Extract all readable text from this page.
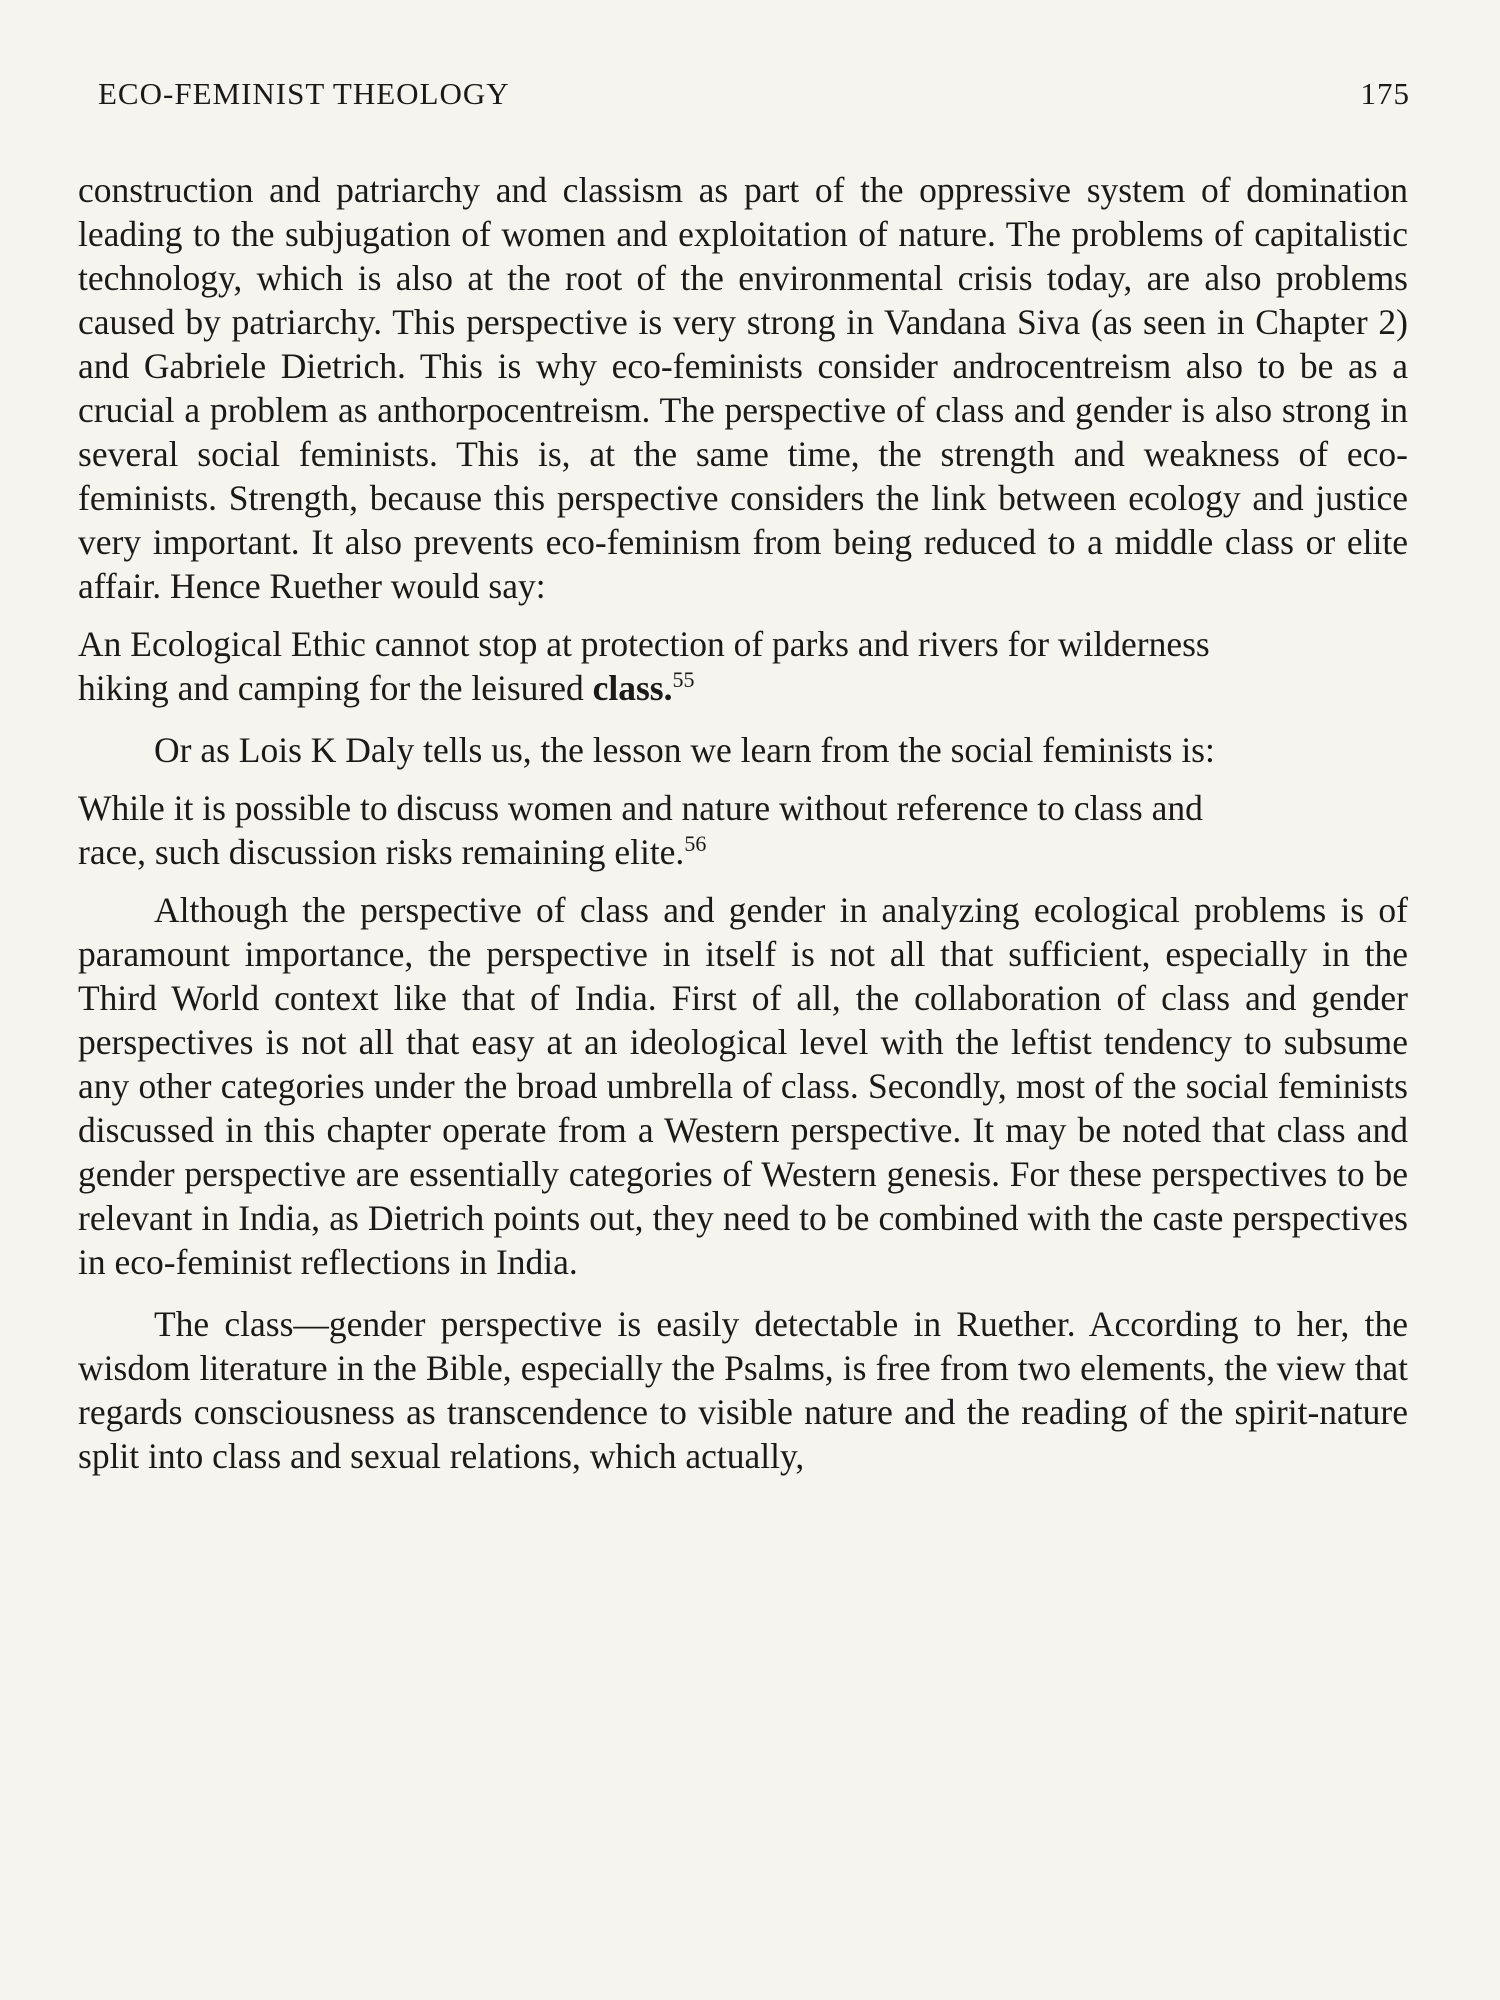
ECO-FEMINIST THEOLOGY	175

construction and patriarchy and classism as part of the oppressive system of domination leading to the subjugation of women and exploitation of nature. The problems of capitalistic technology, which is also at the root of the environmental crisis today, are also problems caused by patriarchy. This perspective is very strong in Vandana Siva (as seen in Chapter 2) and Gabriele Dietrich. This is why eco-feminists consider androcentreism also to be as a crucial a problem as anthorpocentreism. The perspective of class and gender is also strong in several social feminists. This is, at the same time, the strength and weakness of eco-feminists. Strength, because this perspective considers the link between ecology and justice very important. It also prevents eco-feminism from being reduced to a middle class or elite affair. Hence Ruether would say:

An Ecological Ethic cannot stop at protection of parks and rivers for wilderness hiking and camping for the leisured class.$^{55}$

Or as Lois K Daly tells us, the lesson we learn from the social feminists is:

While it is possible to discuss women and nature without reference to class and race, such discussion risks remaining elite.$^{56}$

Although the perspective of class and gender in analyzing ecological problems is of paramount importance, the perspective in itself is not all that sufficient, especially in the Third World context like that of India. First of all, the collaboration of class and gender perspectives is not all that easy at an ideological level with the leftist tendency to subsume any other categories under the broad umbrella of class. Secondly, most of the social feminists discussed in this chapter operate from a Western perspective. It may be noted that class and gender perspective are essentially categories of Western genesis. For these perspectives to be relevant in India, as Dietrich points out, they need to be combined with the caste perspectives in eco-feminist reflections in India.

The class—gender perspective is easily detectable in Ruether. According to her, the wisdom literature in the Bible, especially the Psalms, is free from two elements, the view that regards consciousness as transcendence to visible nature and the reading of the spirit-nature split into class and sexual relations, which actually,
